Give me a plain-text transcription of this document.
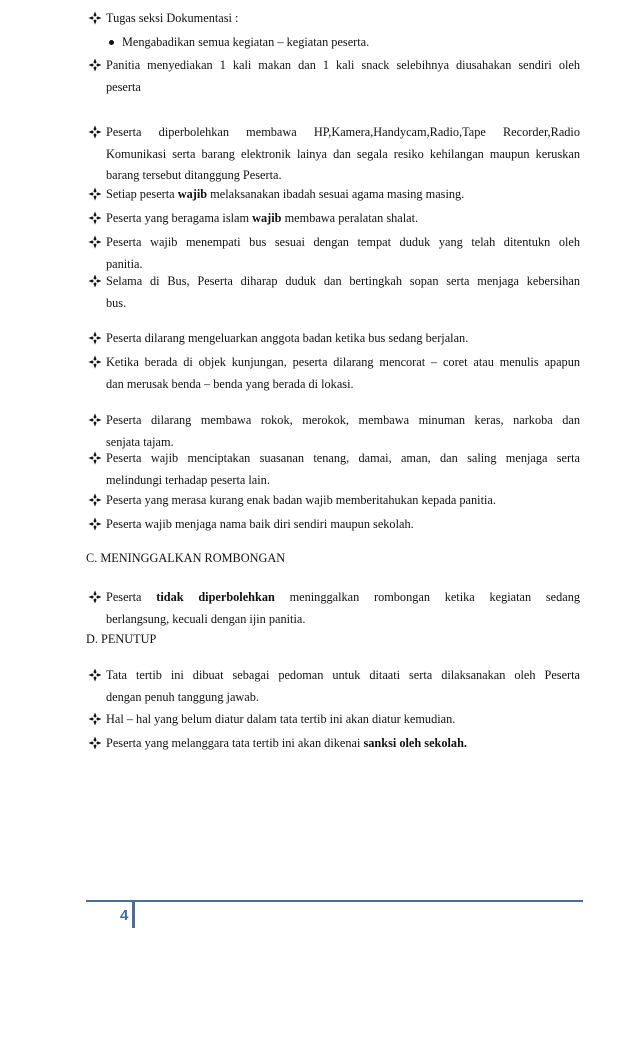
Tugas seksi Dokumentasi :
Mengabadikan semua kegiatan – kegiatan peserta.
Panitia menyediakan 1 kali makan dan 1 kali snack selebihnya diusahakan sendiri oleh
peserta
Peserta diperbolehkan membawa HP,Kamera,Handycam,Radio,Tape Recorder,Radio
Komunikasi serta barang elektronik lainya dan segala resiko kehilangan maupun keruskan
barang tersebut ditanggung Peserta.
Setiap peserta wajib melaksanakan ibadah sesuai agama masing masing.
Peserta yang beragama islam wajib membawa peralatan shalat.
Peserta wajib menempati bus sesuai dengan tempat duduk yang telah ditentukn oleh
panitia.
Selama di Bus, Peserta diharap duduk dan bertingkah sopan serta menjaga kebersihan
bus.
Peserta dilarang mengeluarkan anggota badan ketika bus sedang berjalan.
Ketika berada di objek kunjungan, peserta dilarang mencorat – coret atau menulis apapun
dan merusak benda – benda yang berada di lokasi.
Peserta dilarang membawa rokok, merokok, membawa minuman keras, narkoba dan
senjata tajam.
Peserta wajib menciptakan suasanan tenang, damai, aman, dan saling menjaga serta
melindungi terhadap peserta lain.
Peserta yang merasa kurang enak badan wajib memberitahukan kepada panitia.
Peserta wajib menjaga nama baik diri sendiri maupun sekolah.
C. MENINGGALKAN ROMBONGAN
Peserta tidak diperbolehkan meninggalkan rombongan ketika kegiatan sedang
berlangsung, kecuali dengan ijin panitia.
D. PENUTUP
Tata tertib ini dibuat sebagai pedoman untuk ditaati serta dilaksanakan oleh Peserta
dengan penuh tanggung jawab.
Hal – hal yang belum diatur dalam tata tertib ini akan diatur kemudian.
Peserta yang melanggara tata tertib ini akan dikenai sanksi oleh sekolah.
4
